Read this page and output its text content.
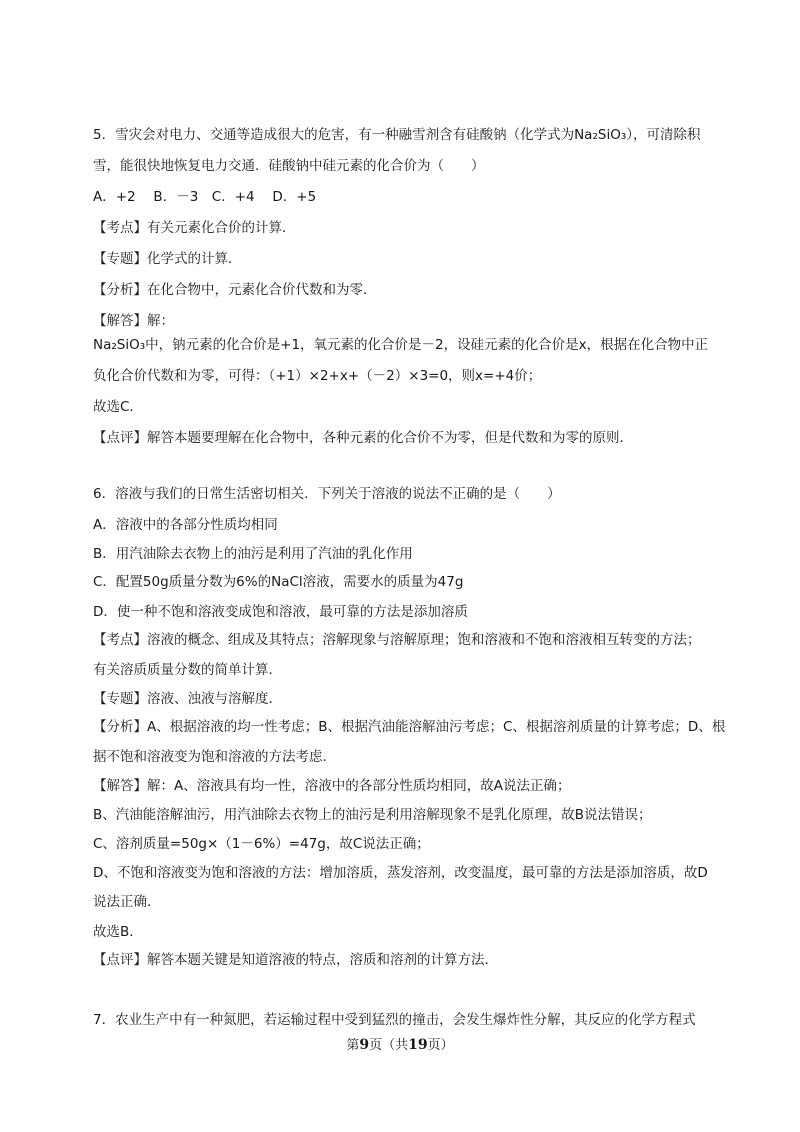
5．雪灾会对电力、交通等造成很大的危害，有一种融雪剂含有硅酸钠（化学式为Na₂SiO₃），可清除积
雪，能很快地恢复电力交通．硅酸钠中硅元素的化合价为（　　）
A．+2　 B．－3　C．+4　 D．+5
【考点】有关元素化合价的计算．
【专题】化学式的计算．
【分析】在化合物中，元素化合价代数和为零．
【解答】解：
Na₂SiO₃中，钠元素的化合价是+1，氧元素的化合价是－2，设硅元素的化合价是x，根据在化合物中正
负化合价代数和为零，可得：（+1）×2+x+（－2）×3=0，则x=+4价；
故选C．
【点评】解答本题要理解在化合物中，各种元素的化合价不为零，但是代数和为零的原则．
6．溶液与我们的日常生活密切相关．下列关于溶液的说法不正确的是（　　）
A．溶液中的各部分性质均相同
B．用汽油除去衣物上的油污是利用了汽油的乳化作用
C．配置50g质量分数为6%的NaCl溶液，需要水的质量为47g
D．使一种不饱和溶液变成饱和溶液，最可靠的方法是添加溶质
【考点】溶液的概念、组成及其特点；溶解现象与溶解原理；饱和溶液和不饱和溶液相互转变的方法；
有关溶质质量分数的简单计算．
【专题】溶液、浊液与溶解度．
【分析】A、根据溶液的均一性考虑；B、根据汽油能溶解油污考虑；C、根据溶剂质量的计算考虑；D、根
据不饱和溶液变为饱和溶液的方法考虑．
【解答】解：A、溶液具有均一性，溶液中的各部分性质均相同，故A说法正确；
B、汽油能溶解油污，用汽油除去衣物上的油污是利用溶解现象不是乳化原理，故B说法错误；
C、溶剂质量=50g×（1－6%）=47g，故C说法正确；
D、不饱和溶液变为饱和溶液的方法：增加溶质，蒸发溶剂，改变温度，最可靠的方法是添加溶质，故D
说法正确．
故选B．
【点评】解答本题关键是知道溶液的特点，溶质和溶剂的计算方法．
7．农业生产中有一种氮肥，若运输过程中受到猛烈的撞击，会发生爆炸性分解，其反应的化学方程式
第9页（共19页）
